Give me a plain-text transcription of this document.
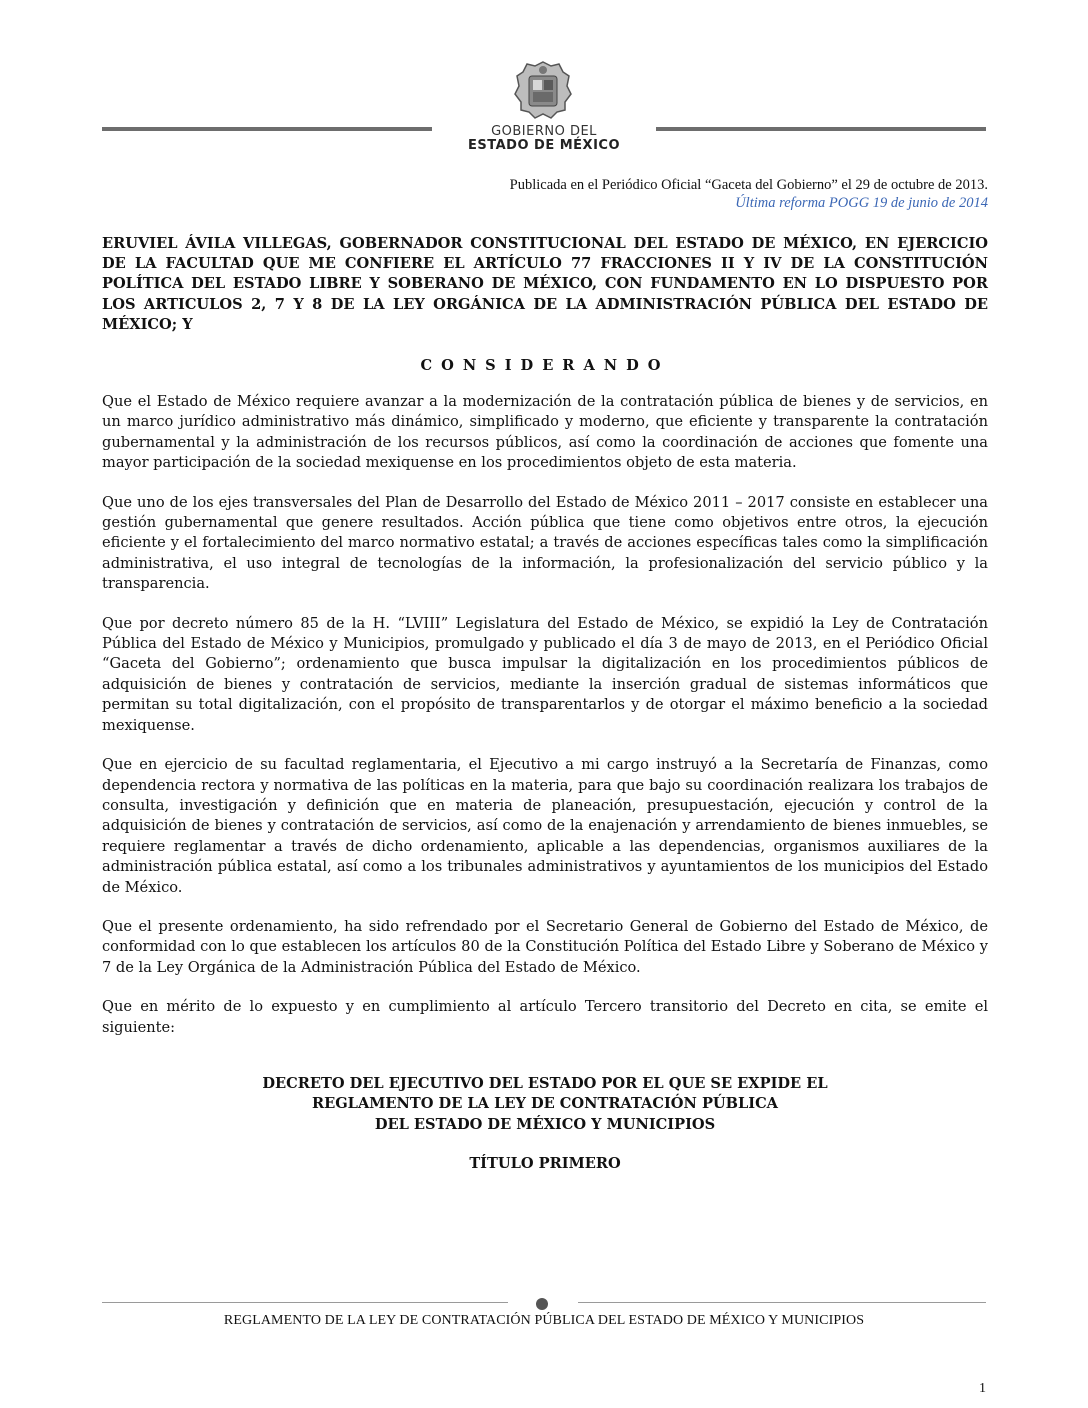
GOBIERNO DEL
ESTADO DE MÉXICO
Publicada en el Periódico Oficial “Gaceta del Gobierno” el 29 de octubre de 2013.
Última reforma POGG 19 de junio de 2014

ERUVIEL ÁVILA VILLEGAS, GOBERNADOR CONSTITUCIONAL DEL ESTADO DE MÉXICO, EN EJERCICIO DE LA FACULTAD QUE ME CONFIERE EL ARTÍCULO 77 FRACCIONES II Y IV DE LA CONSTITUCIÓN POLÍTICA DEL ESTADO LIBRE Y SOBERANO DE MÉXICO, CON FUNDAMENTO EN LO DISPUESTO POR LOS ARTICULOS 2, 7 Y 8 DE LA LEY ORGÁNICA DE LA ADMINISTRACIÓN PÚBLICA DEL ESTADO DE MÉXICO; Y

CONSIDERANDO

Que el Estado de México requiere avanzar a la modernización de la contratación pública de bienes y de servicios, en un marco jurídico administrativo más dinámico, simplificado y moderno, que eficiente y transparente la contratación gubernamental y la administración de los recursos públicos, así como la coordinación de acciones que fomente una mayor participación de la sociedad mexiquense en los procedimientos objeto de esta materia.

Que uno de los ejes transversales del Plan de Desarrollo del Estado de México 2011 – 2017 consiste en establecer una gestión gubernamental que genere resultados. Acción pública que tiene como objetivos entre otros, la ejecución eficiente y el fortalecimiento del marco normativo estatal; a través de acciones específicas tales como la simplificación administrativa, el uso integral de tecnologías de la información, la profesionalización del servicio público y la transparencia.

Que por decreto número 85 de la H. “LVIII” Legislatura del Estado de México, se expidió la Ley de Contratación Pública del Estado de México y Municipios, promulgado y publicado el día 3 de mayo de 2013, en el Periódico Oficial “Gaceta del Gobierno”; ordenamiento que busca impulsar la digitalización en los procedimientos públicos de adquisición de bienes y contratación de servicios, mediante la inserción gradual de sistemas informáticos que permitan su total digitalización, con el propósito de transparentarlos y de otorgar el máximo beneficio a la sociedad mexiquense.

Que en ejercicio de su facultad reglamentaria, el Ejecutivo a mi cargo instruyó a la Secretaría de Finanzas, como dependencia rectora y normativa de las políticas en la materia, para que bajo su coordinación realizara los trabajos de consulta, investigación y definición que en materia de planeación, presupuestación, ejecución y control de la adquisición de bienes y contratación de servicios, así como de la enajenación y arrendamiento de bienes inmuebles, se requiere reglamentar a través de dicho ordenamiento, aplicable a las dependencias, organismos auxiliares de la administración pública estatal, así como a los tribunales administrativos y ayuntamientos de los municipios del Estado de México.

Que el presente ordenamiento, ha sido refrendado por el Secretario General de Gobierno del Estado de México, de conformidad con lo que establecen los artículos 80 de la Constitución Política del Estado Libre y Soberano de México y 7 de la Ley Orgánica de la Administración Pública del Estado de México.

Que en mérito de lo expuesto y en cumplimiento al artículo Tercero transitorio del Decreto en cita, se emite el siguiente:

DECRETO DEL EJECUTIVO DEL ESTADO POR EL QUE SE EXPIDE EL
REGLAMENTO DE LA LEY DE CONTRATACIÓN PÚBLICA
DEL ESTADO DE MÉXICO Y MUNICIPIOS
TÍTULO PRIMERO
REGLAMENTO DE LA LEY DE CONTRATACIÓN PÚBLICA DEL ESTADO DE MÉXICO Y MUNICIPIOS
1
